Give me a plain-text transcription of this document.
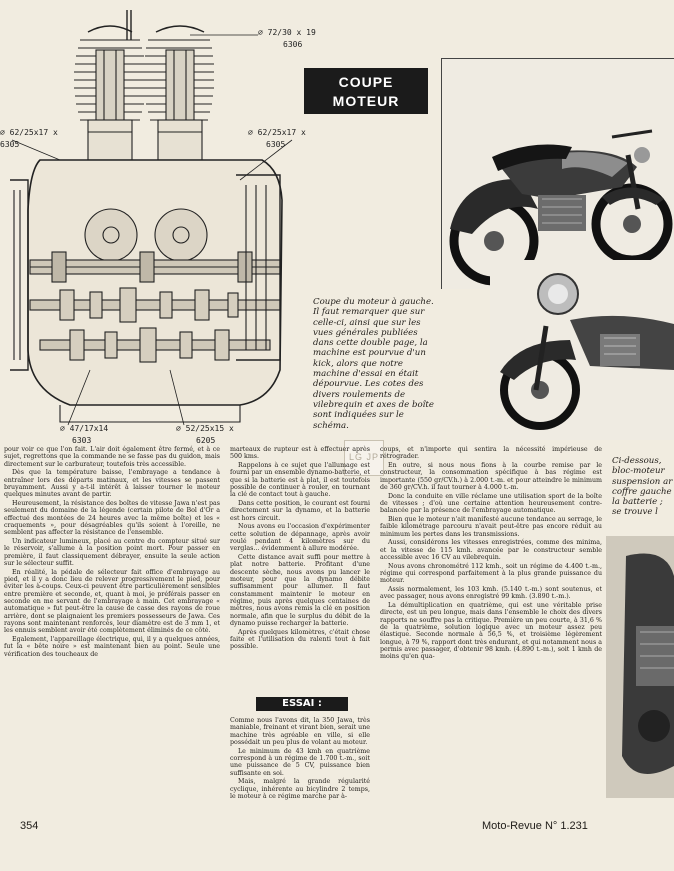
⌀ 72/30 x 19
6306
⌀ 62/25x17 x
6305
⌀ 62/25x17 x
6305
⌀ 47/17x14
6303
⌀ 52/25x15 x
6205
COUPE
MOTEUR
Coupe du moteur à gauche. Il faut remarquer que sur celle-ci, ainsi que sur les vues générales publiées dans cette double page, la machine est pourvue d'un kick, alors que notre machine d'essai en était dépourvue. Les cotes des divers roulements de vilebrequin et axes de boîte sont indiquées sur le schéma.
Ci-dessous, bloc-moteur suspension ar coffre gauche la batterie ; se trouve l
LG JP

pour voir ce que l'on fait. L'air doit également être fermé, et à ce sujet, regrettons que la commande ne se fasse pas du guidon, mais directement sur le carburateur, toutefois très accessible.

Dès que la température baisse, l'embrayage a tendance à entraîner lors des départs matinaux, et les vitesses se passent bruyamment. Aussi y a-t-il intérêt à laisser tourner le moteur quelques minutes avant de partir.

Heureusement, la résistance des boîtes de vitesse Jawa n'est pas seulement du domaine de la légende (certain pilote de Bol d'Or a effectué des montées de 24 heures avec la même boîte) et les « craquements », pour désagréables qu'ils soient à l'oreille, ne semblent pas affecter la résistance de l'ensemble.

Un indicateur lumineux, placé au centre du compteur situé sur le réservoir, s'allume à la position point mort. Pour passer en première, il faut classiquement débrayer, ensuite la seule action sur le sélecteur suffit.

En réalité, la pédale de sélecteur fait office d'embrayage au pied, et il y a donc lieu de relever progressivement le pied, pour éviter les à-coups. Ceux-ci peuvent être particulièrement sensibles entre première et seconde, et, quant à moi, je préférais passer en seconde en me servant de l'embrayage à main. Cet embrayage « automatique » fut peut-être la cause de casse des rayons de roue arrière, dont se plaignaient les premiers possesseurs de Jawa. Ces rayons sont maintenant renforcés, leur diamètre est de 3 mm 1, et les ennuis semblent avoir été complètement éliminés de ce côté.

Egalement, l'appareillage électrique, qui, il y a quelques années, fut la « bête noire » est maintenant bien au point. Seule une vérification des toucheaux de

marteaux de rupteur est à effectuer après 500 kms.

Rappelons à ce sujet que l'allumage est fourni par un ensemble dynamo-batterie, et que si la batterie est à plat, il est toutefois possible de continuer à rouler, en tournant la clé de contact tout à gauche.

Dans cette position, le courant est fourni directement sur la dynamo, et la batterie est hors circuit.

Nous avons eu l'occasion d'expérimenter cette solution de dépannage, après avoir roulé pendant 4 kilomètres sur du verglas... évidemment à allure modérée.

Cette distance avait suffi pour mettre à plat notre batterie. Profitant d'une descente sèche, nous avons pu lancer le moteur, pour que la dynamo débite suffisamment pour allumer. Il faut constamment maintenir le moteur en régime, puis après quelques centaines de mètres, nous avons remis la clé en position normale, afin que le surplus du débit de la dynamo puisse recharger la batterie.

Après quelques kilomètres, c'était chose faite et l'utilisation du ralenti tout à fait possible.

ESSAI :

Comme nous l'avons dit, la 350 Jawa, très maniable, freinant et virant bien, serait une machine très agréable en ville, si elle possédait un peu plus de volant au moteur.

Le minimum de 43 kmh en quatrième correspond à un régime de 1.700 t.-m., soit une puissance de 5 CV, puissance bien suffisante en soi.

Mais, malgré la grande régularité cyclique, inhérente au bicylindre 2 temps, le moteur à ce régime marche par à-

coups, et n'importe qui sentira la nécessité impérieuse de rétrograder.

En outre, si nous nous fions à la courbe remise par le constructeur, la consommation spécifique à bas régime est importante (550 gr/CV.h.) à 2.000 t.-m. et pour atteindre le minimum de 360 gr/CV.h. il faut tourner à 4.000 t.-m.

Donc la conduite en ville réclame une utilisation sport de la boîte de vitesses ; d'où une certaine attention heureusement contre-balancée par la présence de l'embrayage automatique.

Bien que le moteur n'ait manifesté aucune tendance au serrage, le faible kilométrage parcouru n'avait peut-être pas encore réduit au minimum les pertes dans les transmissions.

Aussi, considérons les vitesses enregistrées, comme des minima, et la vitesse de 115 kmh. avancée par le constructeur semble accessible avec 16 CV au vilebrequin.

Nous avons chronométré 112 kmh., soit un régime de 4.400 t.-m., régime qui correspond parfaitement à la plus grande puissance du moteur.

Assis normalement, les 103 kmh. (5.140 t.-m.) sont soutenus, et avec passager, nous avons enregistré 99 kmh. (3.890 t.-m.).

La démultiplication en quatrième, qui est une véritable prise directe, est un peu longue, mais dans l'ensemble le choix des divers rapports ne souffre pas la critique. Première un peu courte, à 31,6 % de la quatrième, solution logique avec un moteur assez peu élastique. Seconde normale à 56,5 %, et troisième légèrement longue, à 79 %, rapport dont très endurant, et qui notamment nous a permis avec passager, d'obtenir 98 kmh. (4.890 t.-m.), soit 1 kmh de moins qu'en qua-

354	Moto-Revue N° 1.231
